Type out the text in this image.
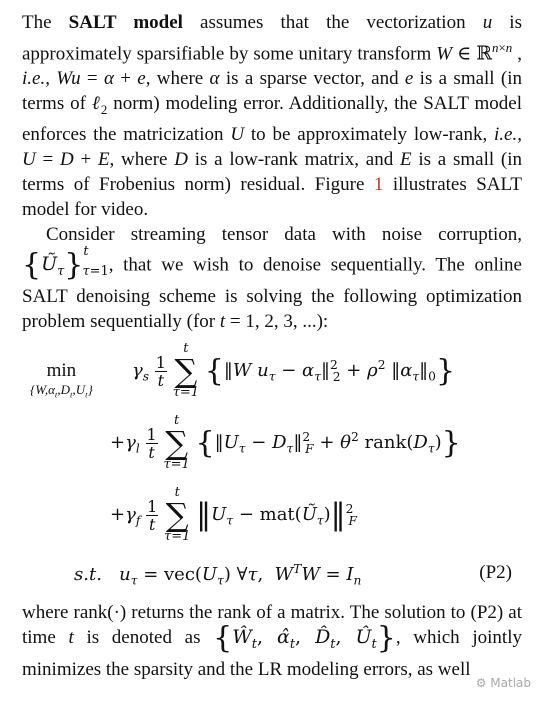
The SALT model assumes that the vectorization u is approximately sparsifiable by some unitary transform W ∈ ℝ$^{n\times n}$ , i.e., Wu = α + e, where α is a sparse vector, and e is a small (in terms of ℓ$_2$ norm) modeling error. Additionally, the SALT model enforces the matricization U to be approximately low-rank, i.e., U = D + E, where D is a low-rank matrix, and E is a small (in terms of Frobenius norm) residual. Figure 1 illustrates SALT model for video.

Consider streaming tensor data with noise corruption, $\{Ũ_\tau\}^t_{\tau=1}$, that we wish to denoise sequentially. The online SALT denoising scheme is solving the following optimization problem sequentially (for t = 1, 2, 3, ...):

min
$\{W,\alpha_t,D_t,U_t\}$
$\gamma_s \frac{1}{t}$

t
∑
τ=1
{‖W $u_\tau$ − $\alpha_\tau‖^2_2 + \rho^2$ $‖\alpha_\tau‖_0$}
$+\gamma_l \frac{1}{t}$

t
∑
τ=1
{$‖U_\tau$ − $D_\tau‖^2_F + \theta^2$ $rank(D_\tau)$}
$+\gamma_f \frac{1}{t}$

t
∑
τ=1
$‖U_\tau$ − $mat(Ũ_\tau)‖^2_F$
s.t. $u_\tau = vec(U_\tau)$ ∀τ,  $W^TW = I_n$	(P2)

where rank(·) returns the rank of a matrix. The solution to (P2) at time t is denoted as {$Ŵ_t$, $\alphâ_t$, $D̂_t$, $Û_t$}, which jointly minimizes the sparsity and the LR modeling errors, as well

⚙ Matlab
